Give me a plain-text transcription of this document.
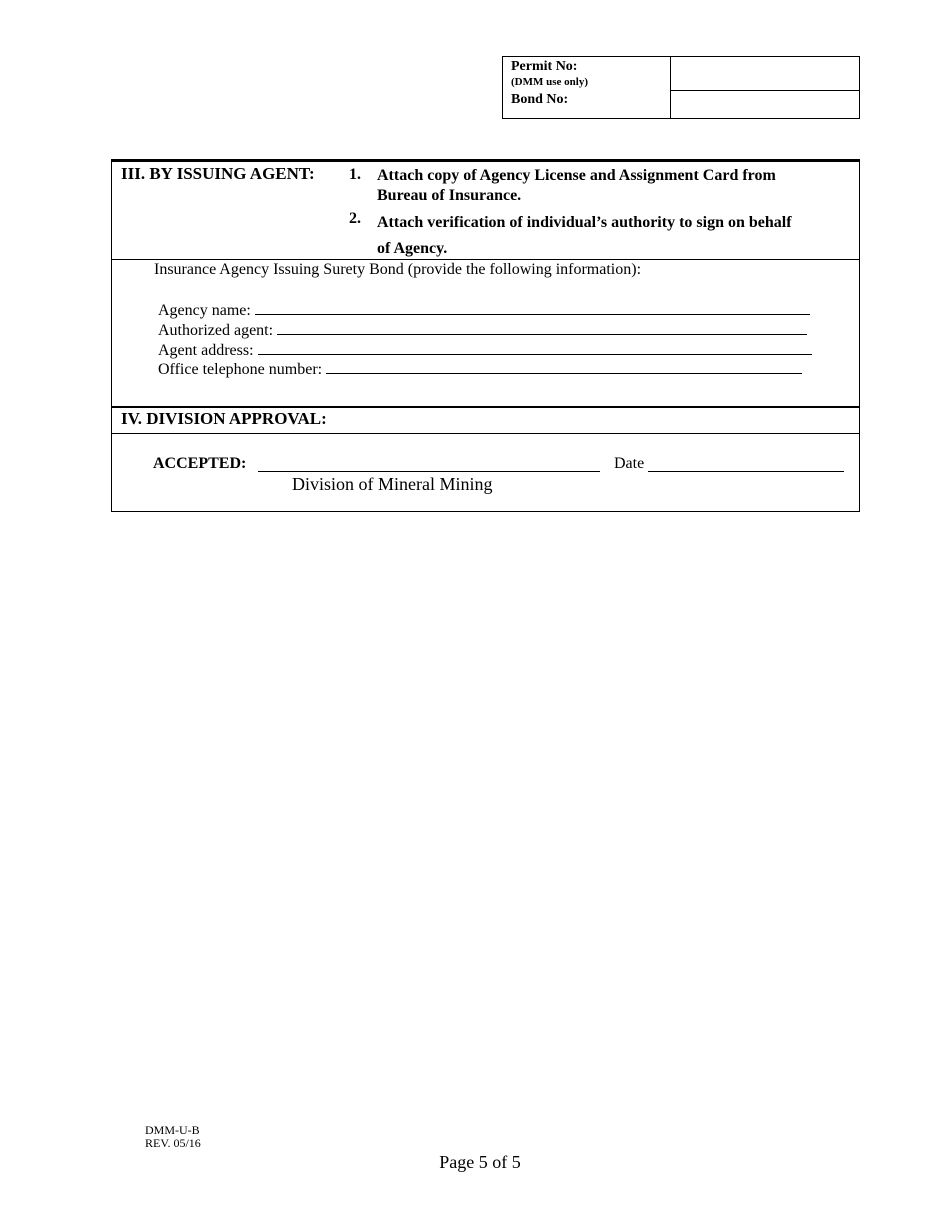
Permit No:
(DMM use only)
Bond No:
III. BY ISSUING AGENT: 1. Attach copy of Agency License and Assignment Card from
Bureau of Insurance.
2. Attach verification of individual’s authority to sign on behalf
of Agency.
Insurance Agency Issuing Surety Bond (provide the following information):
Agency name:
Authorized agent:
Agent address:
Office telephone number:
IV. DIVISION APPROVAL:
ACCEPTED:	Date
Division of Mineral Mining
DMM-U-B
REV. 05/16
Page 5 of 5
